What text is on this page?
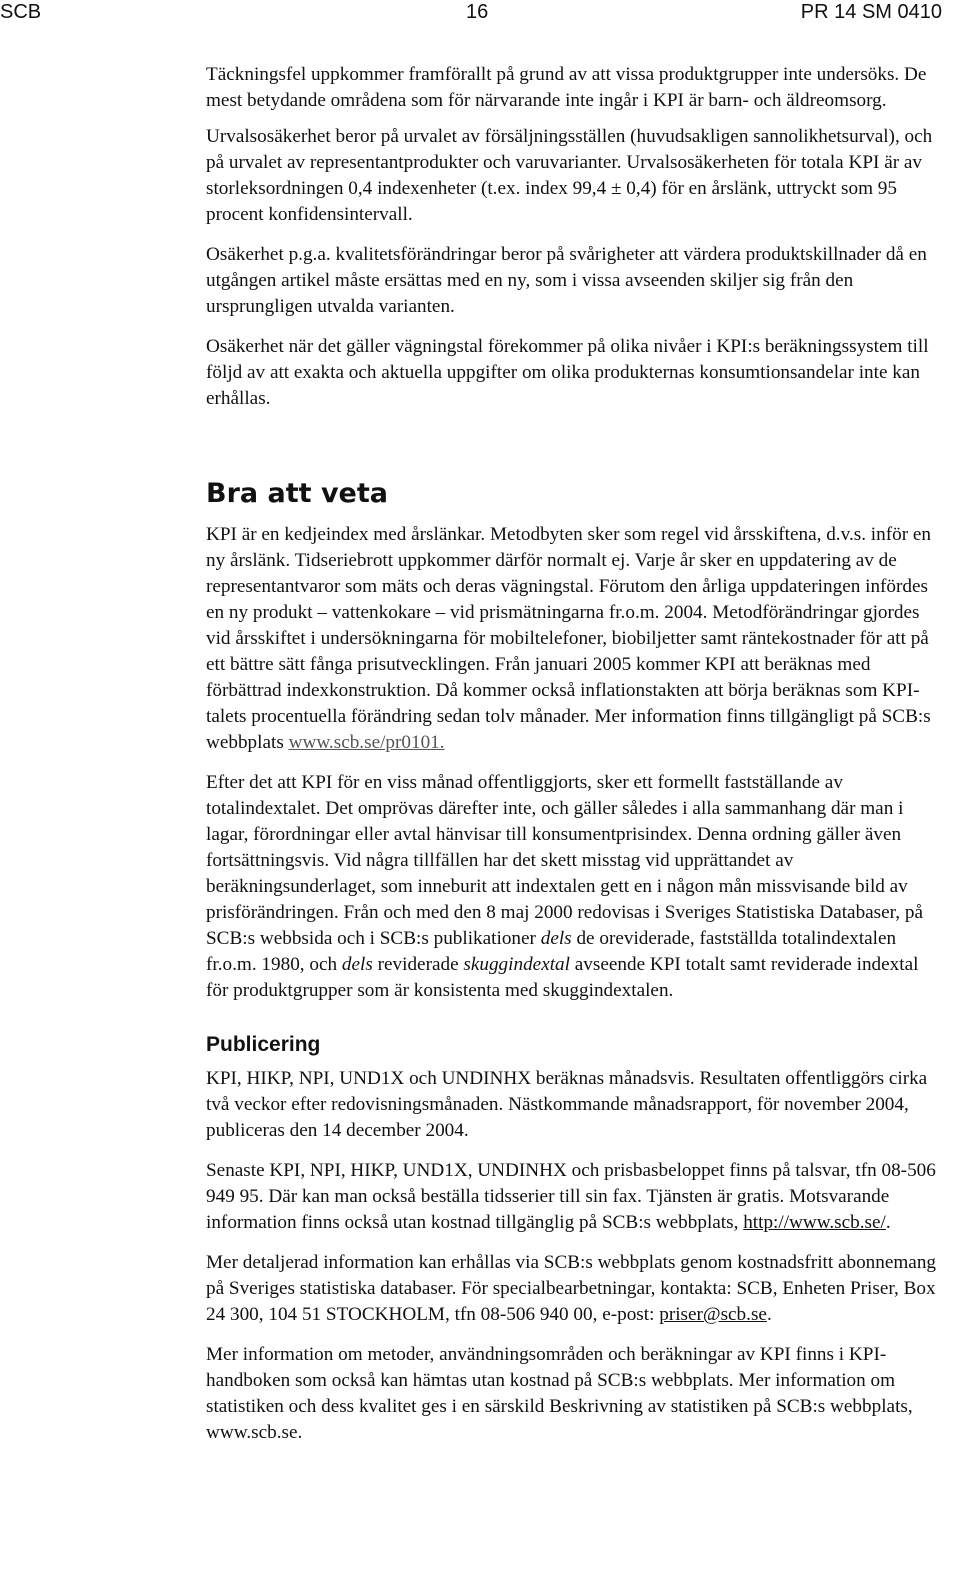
SCB	16	PR 14 SM 0410

Täckningsfel uppkommer framförallt på grund av att vissa produktgrupper inte undersöks. De mest betydande områdena som för närvarande inte ingår i KPI är barn- och äldreomsorg.

Urvalsosäkerhet beror på urvalet av försäljningsställen (huvudsakligen sannolikhetsurval), och på urvalet av representantprodukter och varuvarianter. Urvalsosäkerheten för totala KPI är av storleksordningen 0,4 indexenheter (t.ex. index 99,4 ± 0,4) för en årslänk, uttryckt som 95 procent konfidensintervall.

Osäkerhet p.g.a. kvalitetsförändringar beror på svårigheter att värdera produktskillnader då en utgången artikel måste ersättas med en ny, som i vissa avseenden skiljer sig från den ursprungligen utvalda varianten.

Osäkerhet när det gäller vägningstal förekommer på olika nivåer i KPI:s beräkningssystem till följd av att exakta och aktuella uppgifter om olika produkternas konsumtionsandelar inte kan erhållas.

Bra att veta

KPI är en kedjeindex med årslänkar. Metodbyten sker som regel vid årsskiftena, d.v.s. inför en ny årslänk. Tidseriebrott uppkommer därför normalt ej. Varje år sker en uppdatering av de representantvaror som mäts och deras vägningstal. Förutom den årliga uppdateringen infördes en ny produkt – vattenkokare – vid prismätningarna fr.o.m. 2004. Metodförändringar gjordes vid årsskiftet i undersökningarna för mobiltelefoner, biobiljetter samt räntekostnader för att på ett bättre sätt fånga prisutvecklingen. Från januari 2005 kommer KPI att beräknas med förbättrad indexkonstruktion. Då kommer också inflationstakten att börja beräknas som KPI-talets procentuella förändring sedan tolv månader. Mer information finns tillgängligt på SCB:s webbplats www.scb.se/pr0101.

Efter det att KPI för en viss månad offentliggjorts, sker ett formellt fastställande av totalindextalet. Det omprövas därefter inte, och gäller således i alla sammanhang där man i lagar, förordningar eller avtal hänvisar till konsumentprisindex. Denna ordning gäller även fortsättningsvis. Vid några tillfällen har det skett misstag vid upprättandet av beräkningsunderlaget, som inneburit att indextalen gett en i någon mån missvisande bild av prisförändringen. Från och med den 8 maj 2000 redovisas i Sveriges Statistiska Databaser, på SCB:s webbsida och i SCB:s publikationer dels de oreviderade, fastställda totalindextalen fr.o.m. 1980, och dels reviderade skuggindextal avseende KPI totalt samt reviderade indextal för produktgrupper som är konsistenta med skuggindextalen.

Publicering

KPI, HIKP, NPI, UND1X och UNDINHX beräknas månadsvis. Resultaten offentliggörs cirka två veckor efter redovisningsmånaden. Nästkommande månadsrapport, för november 2004, publiceras den 14 december 2004.

Senaste KPI, NPI, HIKP, UND1X, UNDINHX och prisbasbeloppet finns på talsvar, tfn 08-506 949 95. Där kan man också beställa tidsserier till sin fax. Tjänsten är gratis. Motsvarande information finns också utan kostnad tillgänglig på SCB:s webbplats, http://www.scb.se/.

Mer detaljerad information kan erhållas via SCB:s webbplats genom kostnadsfritt abonnemang på Sveriges statistiska databaser. För specialbearbetningar, kontakta: SCB, Enheten Priser, Box 24 300, 104 51 STOCKHOLM, tfn 08-506 940 00, e-post: priser@scb.se.

Mer information om metoder, användningsområden och beräkningar av KPI finns i KPI-handboken som också kan hämtas utan kostnad på SCB:s webbplats. Mer information om statistiken och dess kvalitet ges i en särskild Beskrivning av statistiken på SCB:s webbplats, www.scb.se.
